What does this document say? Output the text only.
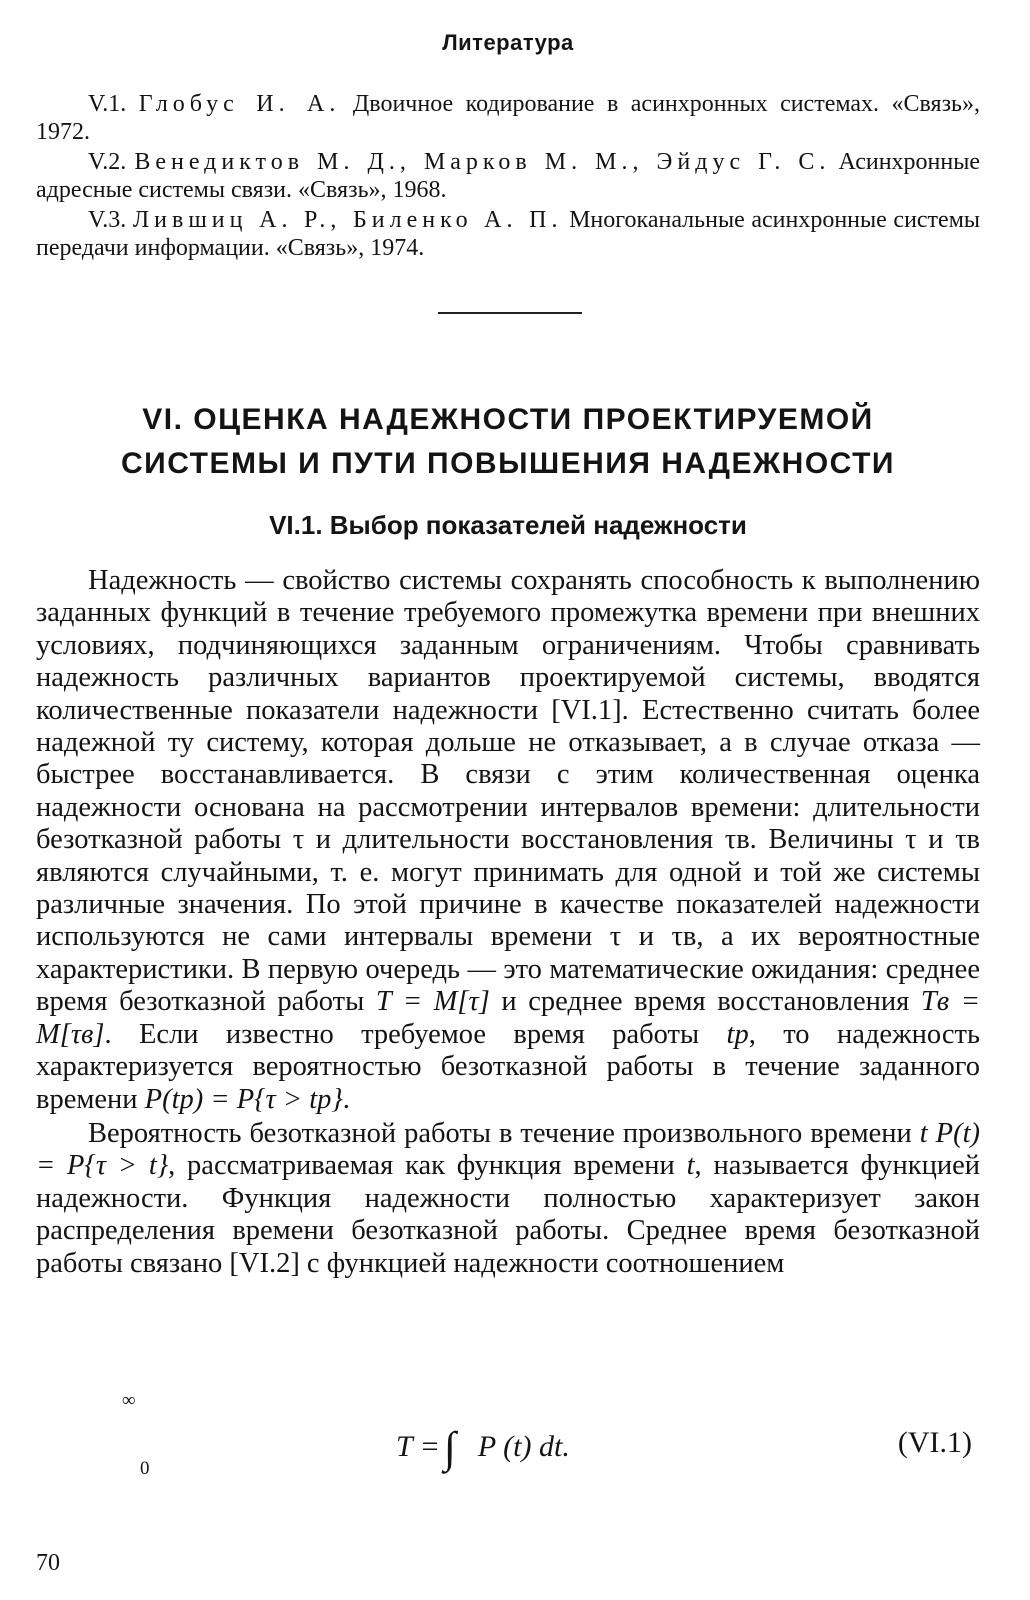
Литература
V.1. Глобус И. А. Двоичное кодирование в асинхронных системах. «Связь», 1972.
V.2. Венедиктов М. Д., Марков М. М., Эйдус Г. С. Асинхронные адресные системы связи. «Связь», 1968.
V.3. Лившиц А. Р., Биленко А. П. Многоканальные асинхронные системы передачи информации. «Связь», 1974.
VI. ОЦЕНКА НАДЕЖНОСТИ ПРОЕКТИРУЕМОЙ
СИСТЕМЫ И ПУТИ ПОВЫШЕНИЯ НАДЕЖНОСТИ
VI.1. Выбор показателей надежности

Надежность — свойство системы сохранять способность к выполнению заданных функций в течение требуемого промежутка времени при внешних условиях, подчиняющихся заданным ограничениям. Чтобы сравнивать надежность различных вариантов проектируемой системы, вводятся количественные показатели надежности [VI.1]. Естественно считать более надежной ту систему, которая дольше не отказывает, а в случае отказа — быстрее восстанавливается. В связи с этим количественная оценка надежности основана на рассмотрении интервалов времени: длительности безотказной работы τ и длительности восстановления τв. Величины τ и τв являются случайными, т. е. могут принимать для одной и той же системы различные значения. По этой причине в качестве показателей надежности используются не сами интервалы времени τ и τв, а их вероятностные характеристики. В первую очередь — это математические ожидания: среднее время безотказной работы T = M[τ] и среднее время восстановления Tв = M[τв]. Если известно требуемое время работы tр, то надежность характеризуется вероятностью безотказной работы в течение заданного времени P(tр) = P{τ > tр}.

Вероятность безотказной работы в течение произвольного времени t P(t) = P{τ > t}, рассматриваемая как функция времени t, называется функцией надежности. Функция надежности полностью характеризует закон распределения времени безотказной работы. Среднее время безотказной работы связано [VI.2] с функцией надежности соотношением

∞
T =∫ P (t) dt.
0
(VI.1)
70
